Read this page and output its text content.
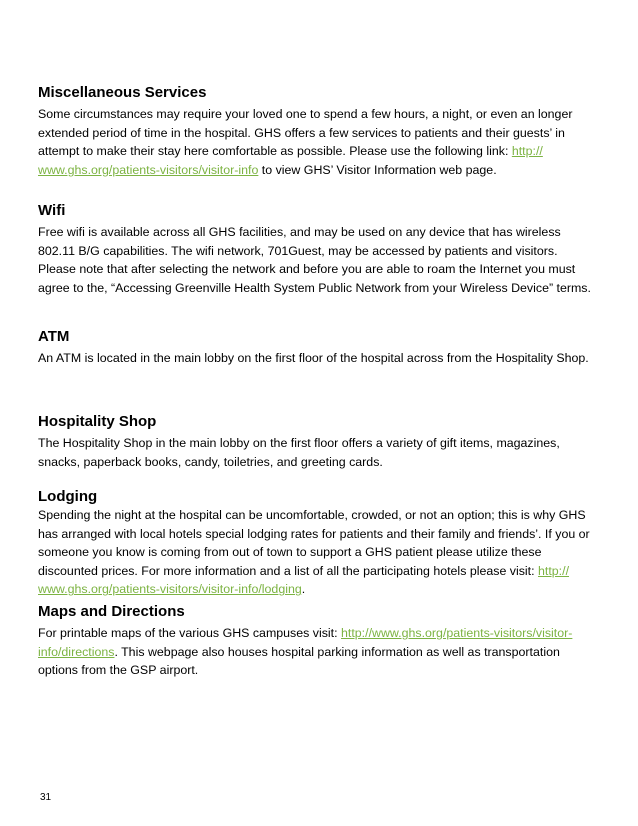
Miscellaneous Services

Some circumstances may require your loved one to spend a few hours, a night, or even an longer extended period of time in the hospital. GHS offers a few services to patients and their guests’ in attempt to make their stay here comfortable as possible. Please use the following link: http:// www.ghs.org/patients-visitors/visitor-info to view GHS’ Visitor Information web page.

Wifi

Free wifi is available across all GHS facilities, and may be used on any device that has wireless 802.11 B/G capabilities. The wifi network, 701Guest, may be accessed by patients and visitors. Please note that after selecting the network and before you are able to roam the Internet you must agree to the, “Accessing Greenville Health System Public Network from your Wireless Device” terms.

ATM

An ATM is located in the main lobby on the first floor of the hospital across from the Hospitality Shop.

Hospitality Shop

The Hospitality Shop in the main lobby on the first floor offers a variety of gift items, magazines, snacks, paperback books, candy, toiletries, and greeting cards.

Lodging

Spending the night at the hospital can be uncomfortable, crowded, or not an option; this is why GHS has arranged with local hotels special lodging rates for patients and their family and friends’. If you or someone you know is coming from out of town to support a GHS patient please utilize these discounted prices. For more information and a list of all the participating hotels please visit: http:// www.ghs.org/patients-visitors/visitor-info/lodging.

Maps and Directions

For printable maps of the various GHS campuses visit: http://www.ghs.org/patients-visitors/visitor-info/directions. This webpage also houses hospital parking information as well as transportation options from the GSP airport.

31
